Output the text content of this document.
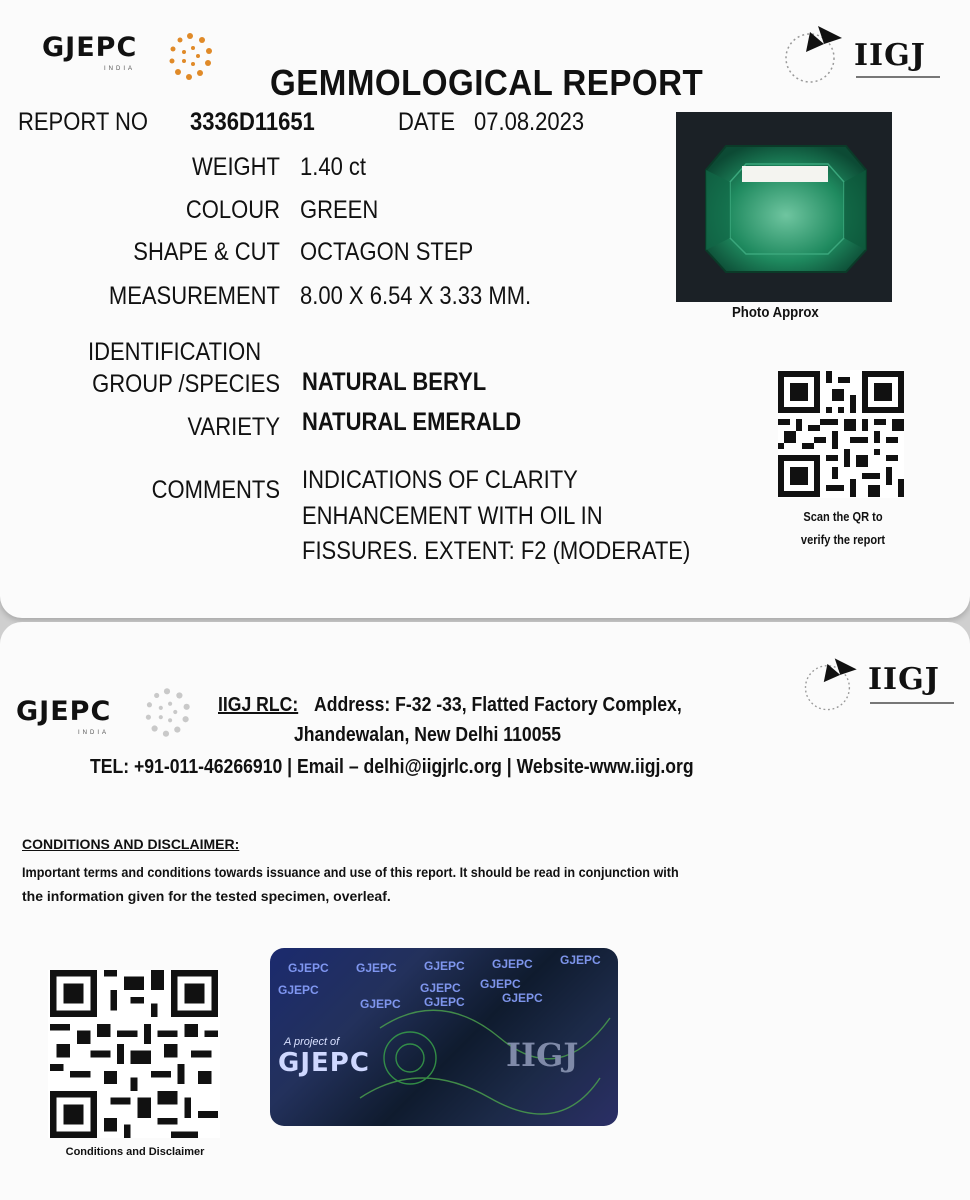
GJEPC
INDIA	IIGJ
GEMMOLOGICAL REPORT
REPORT NO 3336D11651	DATE 07.08.2023
WEIGHT 1.40 ct
COLOUR GREEN
SHAPE & CUT OCTAGON STEP
MEASUREMENT 8.00 X 6.54 X 3.33 MM.
IDENTIFICATION
GROUP /SPECIES NATURAL BERYL
VARIETY NATURAL EMERALD
COMMENTS INDICATIONS OF CLARITY
ENHANCEMENT WITH OIL IN
FISSURES. EXTENT: F2 (MODERATE)
Photo Approx
Scan the QR to
verify the report
GJEPC
INDIA
IIGJ
IIGJ RLC: Address: F-32 -33, Flatted Factory Complex,
Jhandewalan, New Delhi 110055
TEL: +91-011-46266910 | Email – delhi@iigjrlc.org | Website-www.iigj.org
CONDITIONS AND DISCLAIMER:
Important terms and conditions towards issuance and use of this report. It should be read in conjunction with
the information given for the tested specimen, overleaf.
Conditions and Disclaimer
GJEPC GJEPC GJEPC GJEPC GJEPC
GJEPC	GJEPC GJEPC
GJEPC GJEPC	GJEPC
A project of
GJEPC	IIGJ
